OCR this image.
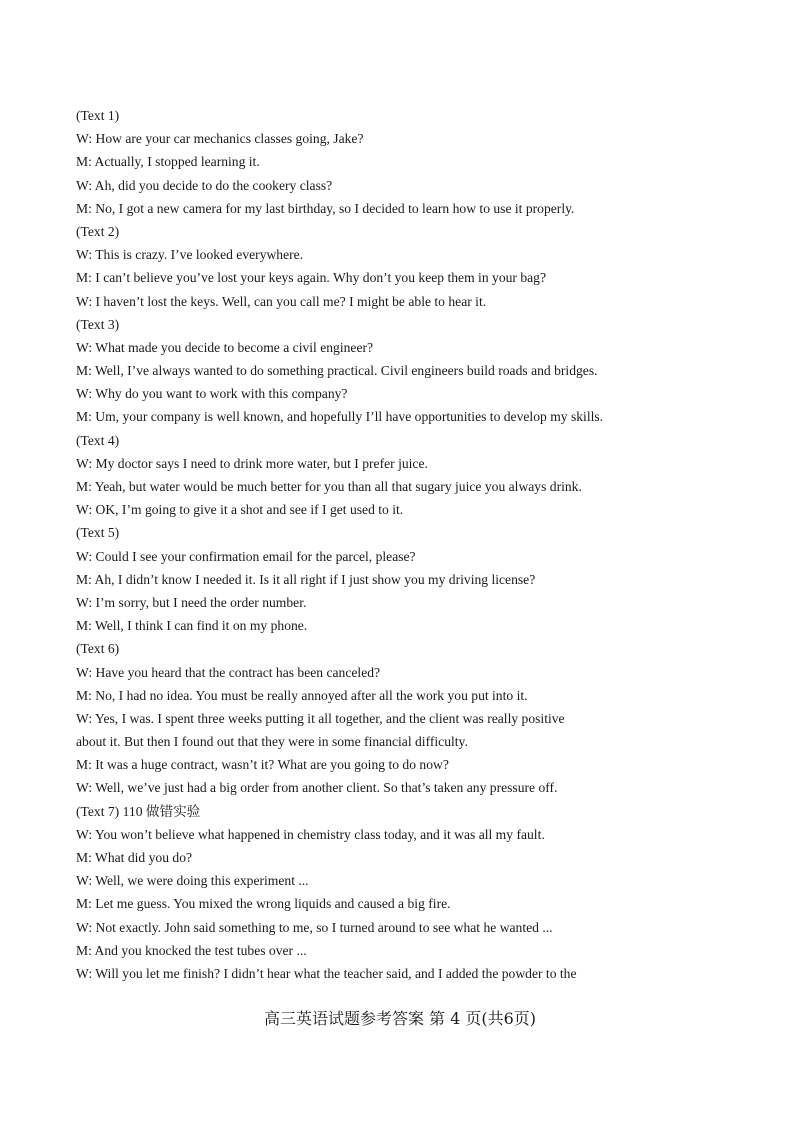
(Text 1)
W: How are your car mechanics classes going, Jake?
M: Actually, I stopped learning it.
W: Ah, did you decide to do the cookery class?
M: No, I got a new camera for my last birthday, so I decided to learn how to use it properly.
(Text 2)
W: This is crazy. I’ve looked everywhere.
M: I can’t believe you’ve lost your keys again. Why don’t you keep them in your bag?
W: I haven’t lost the keys. Well, can you call me? I might be able to hear it.
(Text 3)
W: What made you decide to become a civil engineer?
M: Well, I’ve always wanted to do something practical. Civil engineers build roads and bridges.
W: Why do you want to work with this company?
M: Um, your company is well known, and hopefully I’ll have opportunities to develop my skills.
(Text 4)
W: My doctor says I need to drink more water, but I prefer juice.
M: Yeah, but water would be much better for you than all that sugary juice you always drink.
W: OK, I’m going to give it a shot and see if I get used to it.
(Text 5)
W: Could I see your confirmation email for the parcel, please?
M: Ah, I didn’t know I needed it. Is it all right if I just show you my driving license?
W: I’m sorry, but I need the order number.
M: Well, I think I can find it on my phone.
(Text 6)
W: Have you heard that the contract has been canceled?
M: No, I had no idea. You must be really annoyed after all the work you put into it.
W: Yes, I was. I spent three weeks putting it all together, and the client was really positive
about it. But then I found out that they were in some financial difficulty.
M: It was a huge contract, wasn’t it? What are you going to do now?
W: Well, we’ve just had a big order from another client. So that’s taken any pressure off.
(Text 7) 110 做错实验
W: You won’t believe what happened in chemistry class today, and it was all my fault.
M: What did you do?
W: Well, we were doing this experiment ...
M: Let me guess. You mixed the wrong liquids and caused a big fire.
W: Not exactly. John said something to me, so I turned around to see what he wanted ...
M: And you knocked the test tubes over ...
W: Will you let me finish? I didn’t hear what the teacher said, and I added the powder to the
高三英语试题参考答案 第 4 页(共6页)
